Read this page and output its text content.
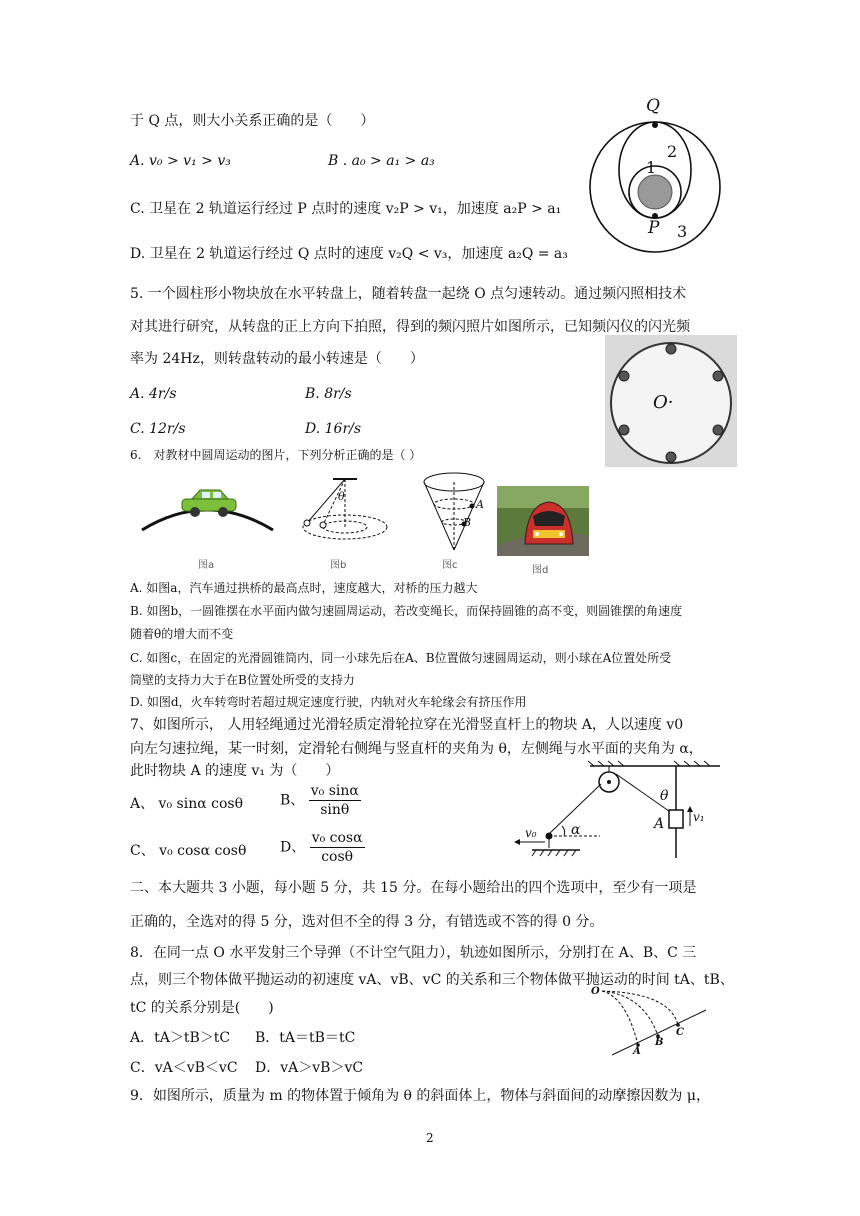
于 Q 点，则大小关系正确的是（　　）
A. v₀ > v₁ > v₃	B . a₀ > a₁ > a₃
C. 卫星在 2 轨道运行经过 P 点时的速度 v₂P > v₁，加速度 a₂P > a₁
D. 卫星在 2 轨道运行经过 Q 点时的速度 v₂Q < v₃，加速度 a₂Q = a₃
Q
2
1
P 3
5. 一个圆柱形小物块放在水平转盘上，随着转盘一起绕 O 点匀速转动。通过频闪照相技术
对其进行研究，从转盘的正上方向下拍照，得到的频闪照片如图所示，已知频闪仪的闪光频
率为 24Hz，则转盘转动的最小转速是（　　）
A. 4r/s	B. 8r/s
C. 12r/s	D. 16r/s
O·
6.　对教材中圆周运动的图片，下列分析正确的是（ ）
图a
θ
图b
A
B
图c	图d
A. 如图a，汽车通过拱桥的最高点时，速度越大，对桥的压力越大
B. 如图b，一圆锥摆在水平面内做匀速圆周运动，若改变绳长，而保持圆锥的高不变，则圆锥摆的角速度
随着θ的增大而不变
C. 如图c，在固定的光滑圆锥筒内，同一小球先后在A、B位置做匀速圆周运动，则小球在A位置处所受
筒壁的支持力大于在B位置处所受的支持力
D. 如图d，火车转弯时若超过规定速度行驶，内轨对火车轮缘会有挤压作用
7、如图所示， 人用轻绳通过光滑轻质定滑轮拉穿在光滑竖直杆上的物块 A，人以速度 v0
向左匀速拉绳，某一时刻，定滑轮右侧绳与竖直杆的夹角为 θ，左侧绳与水平面的夹角为 α，
此时物块 A 的速度 v₁ 为（　　）
A、 v₀ sinα cosθ	B、 $\frac{\text{v₀ sinα}}{\sin\theta}$
C、 v₀ cosα cosθ D、 $\frac{\text{v₀ cosα}}{\cos\theta}$
θ
v₁
A
v₀ α
二、本大题共 3 小题，每小题 5 分，共 15 分。在每小题给出的四个选项中，至少有一项是
正确的，全选对的得 5 分，选对但不全的得 3 分，有错选或不答的得 0 分。
8．在同一点 O 水平发射三个导弹（不计空气阻力），轨迹如图所示，分别打在 A、B、C 三
点，则三个物体做平抛运动的初速度 vA、vB、vC 的关系和三个物体做平抛运动的时间 tA、tB、
tC 的关系分别是(　　)
A．tA＞tB＞tC B．tA＝tB＝tC
C．vA＜vB＜vC D．vA＞vB＞vC
O
A
B
C
9．如图所示，质量为 m 的物体置于倾角为 θ 的斜面体上，物体与斜面间的动摩擦因数为 μ，
2
